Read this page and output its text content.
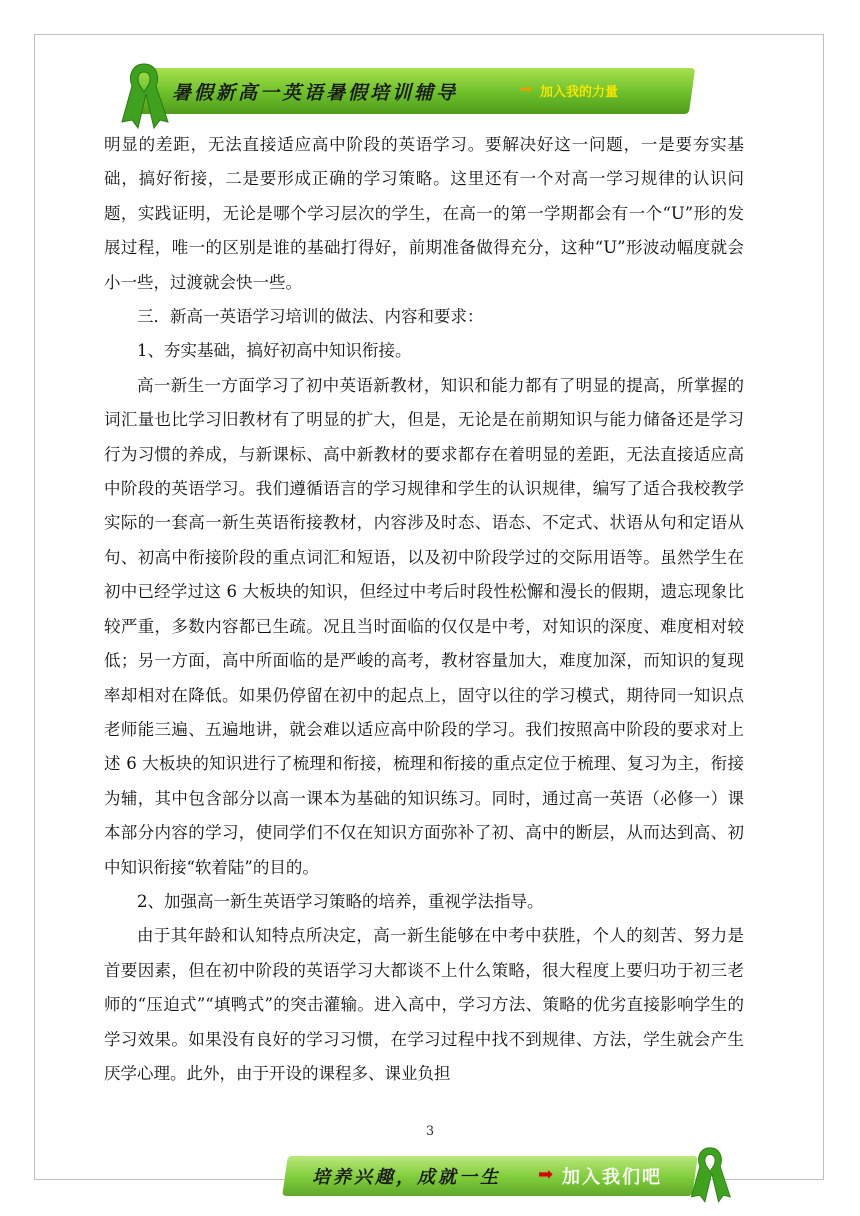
暑假新高一英语暑假培训辅导	➡ 加入我的力量

明显的差距，无法直接适应高中阶段的英语学习。要解决好这一问题，一是要夯实基础，搞好衔接，二是要形成正确的学习策略。这里还有一个对高一学习规律的认识问题，实践证明，无论是哪个学习层次的学生，在高一的第一学期都会有一个“U”形的发展过程，唯一的区别是谁的基础打得好，前期准备做得充分，这种“U”形波动幅度就会小一些，过渡就会快一些。

三．新高一英语学习培训的做法、内容和要求：

1、夯实基础，搞好初高中知识衔接。

高一新生一方面学习了初中英语新教材，知识和能力都有了明显的提高，所掌握的词汇量也比学习旧教材有了明显的扩大，但是，无论是在前期知识与能力储备还是学习行为习惯的养成，与新课标、高中新教材的要求都存在着明显的差距，无法直接适应高中阶段的英语学习。我们遵循语言的学习规律和学生的认识规律，编写了适合我校教学实际的一套高一新生英语衔接教材，内容涉及时态、语态、不定式、状语从句和定语从句、初高中衔接阶段的重点词汇和短语，以及初中阶段学过的交际用语等。虽然学生在初中已经学过这 6 大板块的知识，但经过中考后时段性松懈和漫长的假期，遗忘现象比较严重，多数内容都已生疏。况且当时面临的仅仅是中考，对知识的深度、难度相对较低；另一方面，高中所面临的是严峻的高考，教材容量加大，难度加深，而知识的复现率却相对在降低。如果仍停留在初中的起点上，固守以往的学习模式，期待同一知识点老师能三遍、五遍地讲，就会难以适应高中阶段的学习。我们按照高中阶段的要求对上述 6 大板块的知识进行了梳理和衔接，梳理和衔接的重点定位于梳理、复习为主，衔接为辅，其中包含部分以高一课本为基础的知识练习。同时，通过高一英语（必修一）课本部分内容的学习，使同学们不仅在知识方面弥补了初、高中的断层，从而达到高、初中知识衔接“软着陆”的目的。

2、加强高一新生英语学习策略的培养，重视学法指导。

由于其年龄和认知特点所决定，高一新生能够在中考中获胜，个人的刻苦、努力是首要因素，但在初中阶段的英语学习大都谈不上什么策略，很大程度上要归功于初三老师的“压迫式”“填鸭式”的突击灌输。进入高中，学习方法、策略的优劣直接影响学生的学习效果。如果没有良好的学习习惯，在学习过程中找不到规律、方法，学生就会产生厌学心理。此外，由于开设的课程多、课业负担

3
培养兴趣，成就一生 ➡ 加入我们吧
